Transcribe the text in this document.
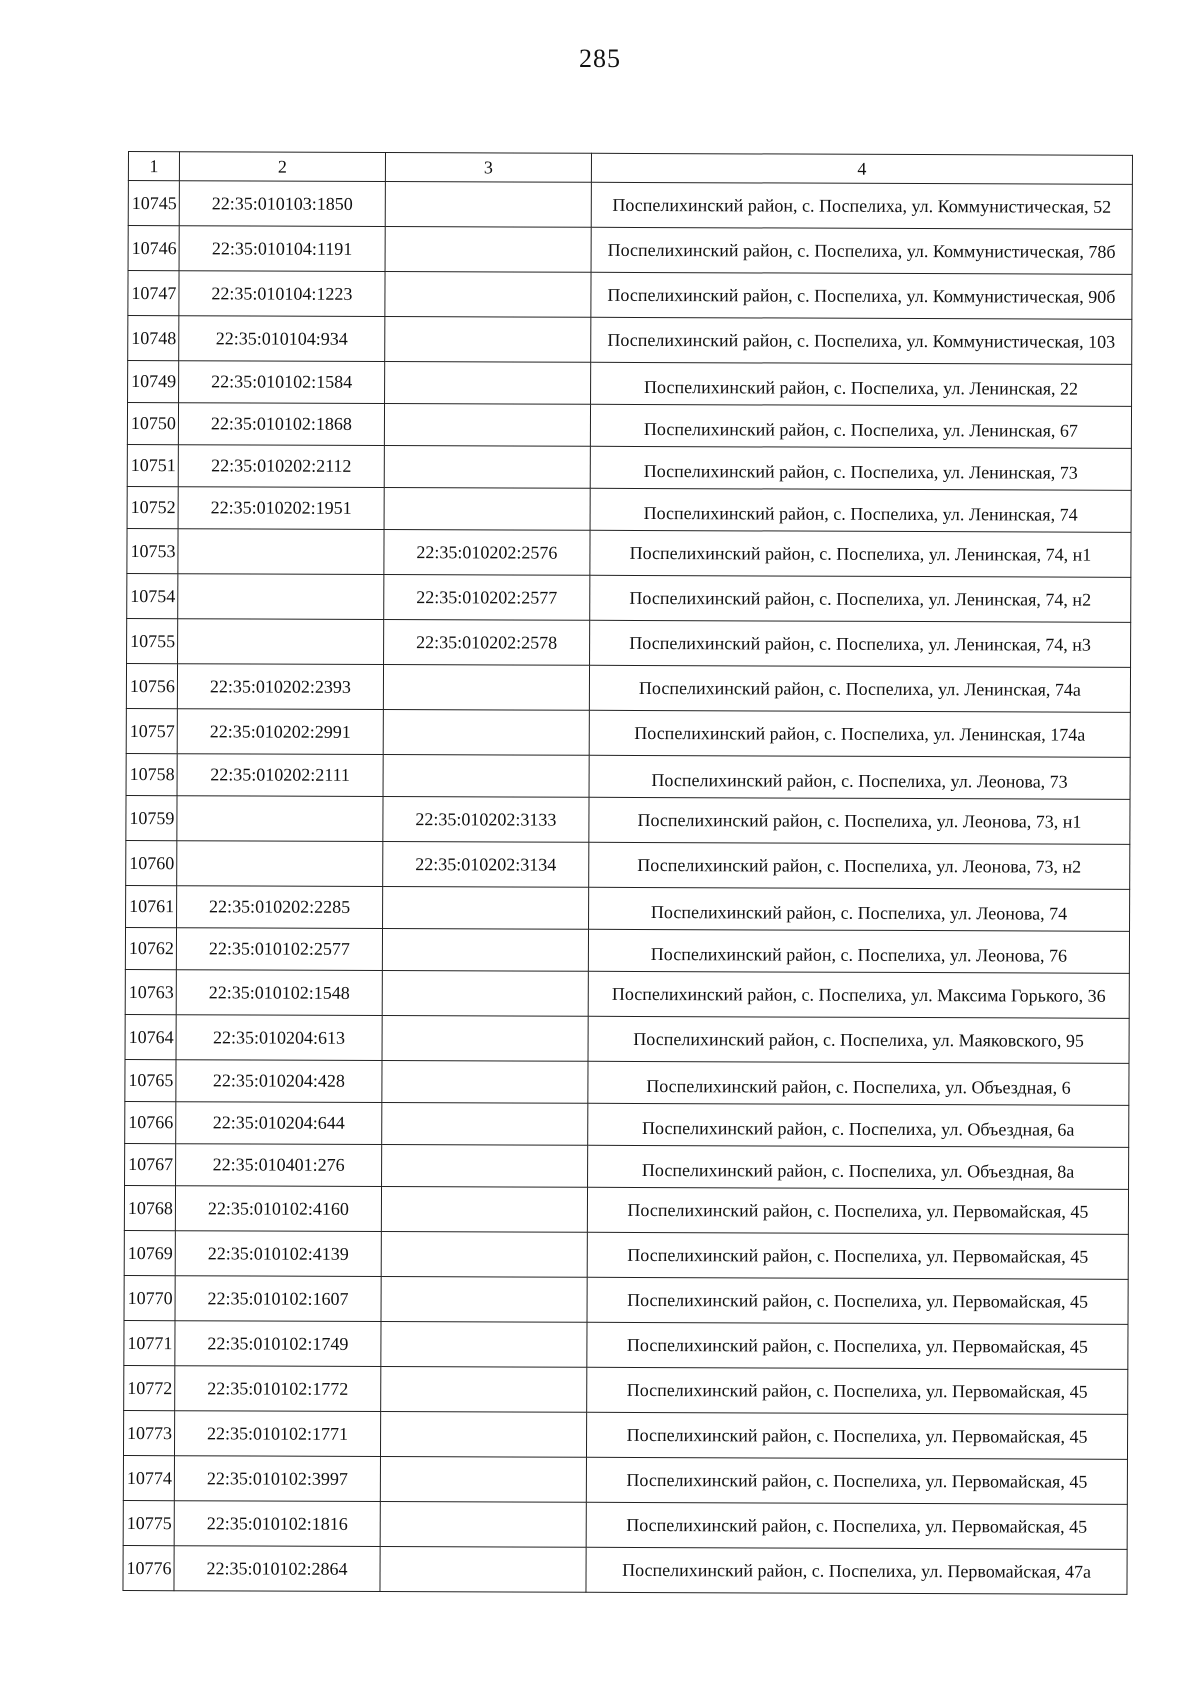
285
1	2	3	4
10745	22:35:010103:1850		Поспелихинский район, с. Поспелиха, ул. Коммунистическая, 52
10746	22:35:010104:1191		Поспелихинский район, с. Поспелиха, ул. Коммунистическая, 78б
10747	22:35:010104:1223		Поспелихинский район, с. Поспелиха, ул. Коммунистическая, 90б
10748	22:35:010104:934		Поспелихинский район, с. Поспелиха, ул. Коммунистическая, 103
10749	22:35:010102:1584		Поспелихинский район, с. Поспелиха, ул. Ленинская, 22
10750	22:35:010102:1868		Поспелихинский район, с. Поспелиха, ул. Ленинская, 67
10751	22:35:010202:2112		Поспелихинский район, с. Поспелиха, ул. Ленинская, 73
10752	22:35:010202:1951		Поспелихинский район, с. Поспелиха, ул. Ленинская, 74
10753		22:35:010202:2576	Поспелихинский район, с. Поспелиха, ул. Ленинская, 74, н1
10754		22:35:010202:2577	Поспелихинский район, с. Поспелиха, ул. Ленинская, 74, н2
10755		22:35:010202:2578	Поспелихинский район, с. Поспелиха, ул. Ленинская, 74, н3
10756	22:35:010202:2393		Поспелихинский район, с. Поспелиха, ул. Ленинская, 74а
10757	22:35:010202:2991		Поспелихинский район, с. Поспелиха, ул. Ленинская, 174а
10758	22:35:010202:2111		Поспелихинский район, с. Поспелиха, ул. Леонова, 73
10759		22:35:010202:3133	Поспелихинский район, с. Поспелиха, ул. Леонова, 73, н1
10760		22:35:010202:3134	Поспелихинский район, с. Поспелиха, ул. Леонова, 73, н2
10761	22:35:010202:2285		Поспелихинский район, с. Поспелиха, ул. Леонова, 74
10762	22:35:010102:2577		Поспелихинский район, с. Поспелиха, ул. Леонова, 76
10763	22:35:010102:1548		Поспелихинский район, с. Поспелиха, ул. Максима Горького, 36
10764	22:35:010204:613		Поспелихинский район, с. Поспелиха, ул. Маяковского, 95
10765	22:35:010204:428		Поспелихинский район, с. Поспелиха, ул. Объездная, 6
10766	22:35:010204:644		Поспелихинский район, с. Поспелиха, ул. Объездная, 6а
10767	22:35:010401:276		Поспелихинский район, с. Поспелиха, ул. Объездная, 8а
10768	22:35:010102:4160		Поспелихинский район, с. Поспелиха, ул. Первомайская, 45
10769	22:35:010102:4139		Поспелихинский район, с. Поспелиха, ул. Первомайская, 45
10770	22:35:010102:1607		Поспелихинский район, с. Поспелиха, ул. Первомайская, 45
10771	22:35:010102:1749		Поспелихинский район, с. Поспелиха, ул. Первомайская, 45
10772	22:35:010102:1772		Поспелихинский район, с. Поспелиха, ул. Первомайская, 45
10773	22:35:010102:1771		Поспелихинский район, с. Поспелиха, ул. Первомайская, 45
10774	22:35:010102:3997		Поспелихинский район, с. Поспелиха, ул. Первомайская, 45
10775	22:35:010102:1816		Поспелихинский район, с. Поспелиха, ул. Первомайская, 45
10776	22:35:010102:2864		Поспелихинский район, с. Поспелиха, ул. Первомайская, 47а
